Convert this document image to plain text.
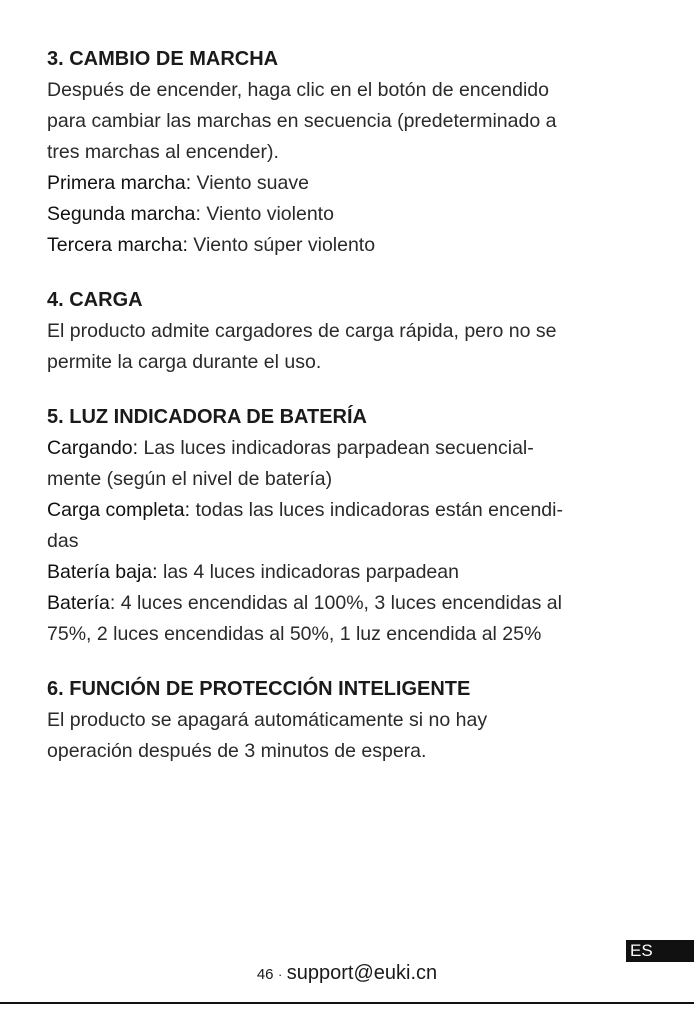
3. CAMBIO DE MARCHA

Después de encender, haga clic en el botón de encendido

para cambiar las marchas en secuencia (predeterminado a

tres marchas al encender).

Primera marcha: Viento suave

Segunda marcha: Viento violento

Tercera marcha: Viento súper violento

4. CARGA

El producto admite cargadores de carga rápida, pero no se

permite la carga durante el uso.

5. LUZ INDICADORA DE BATERÍA

Cargando: Las luces indicadoras parpadean secuencial-

mente (según el nivel de batería)

Carga completa: todas las luces indicadoras están encendi-

das

Batería baja: las 4 luces indicadoras parpadean

Batería: 4 luces encendidas al 100%, 3 luces encendidas al

75%, 2 luces encendidas al 50%, 1 luz encendida al 25%

6. FUNCIÓN DE PROTECCIÓN INTELIGENTE

El producto se apagará automáticamente si no hay

operación después de 3 minutos de espera.

ES
46 · support@euki.cn
